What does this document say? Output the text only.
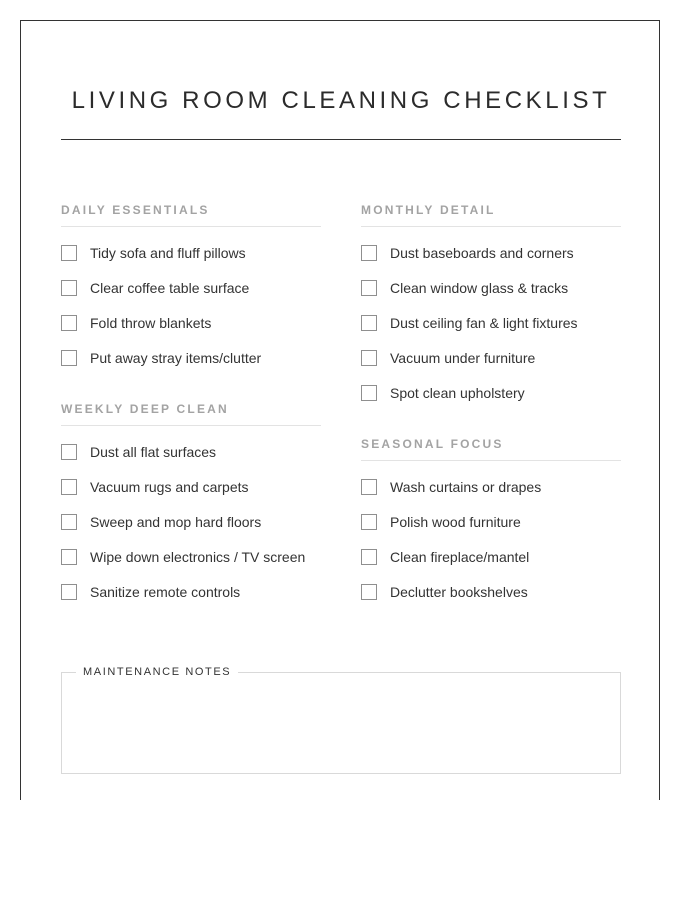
LIVING ROOM CLEANING CHECKLIST
DAILY ESSENTIALS
Tidy sofa and fluff pillows
Clear coffee table surface
Fold throw blankets
Put away stray items/clutter
WEEKLY DEEP CLEAN
Dust all flat surfaces
Vacuum rugs and carpets
Sweep and mop hard floors
Wipe down electronics / TV screen
Sanitize remote controls
MONTHLY DETAIL
Dust baseboards and corners
Clean window glass & tracks
Dust ceiling fan & light fixtures
Vacuum under furniture
Spot clean upholstery
SEASONAL FOCUS
Wash curtains or drapes
Polish wood furniture
Clean fireplace/mantel
Declutter bookshelves
MAINTENANCE NOTES
